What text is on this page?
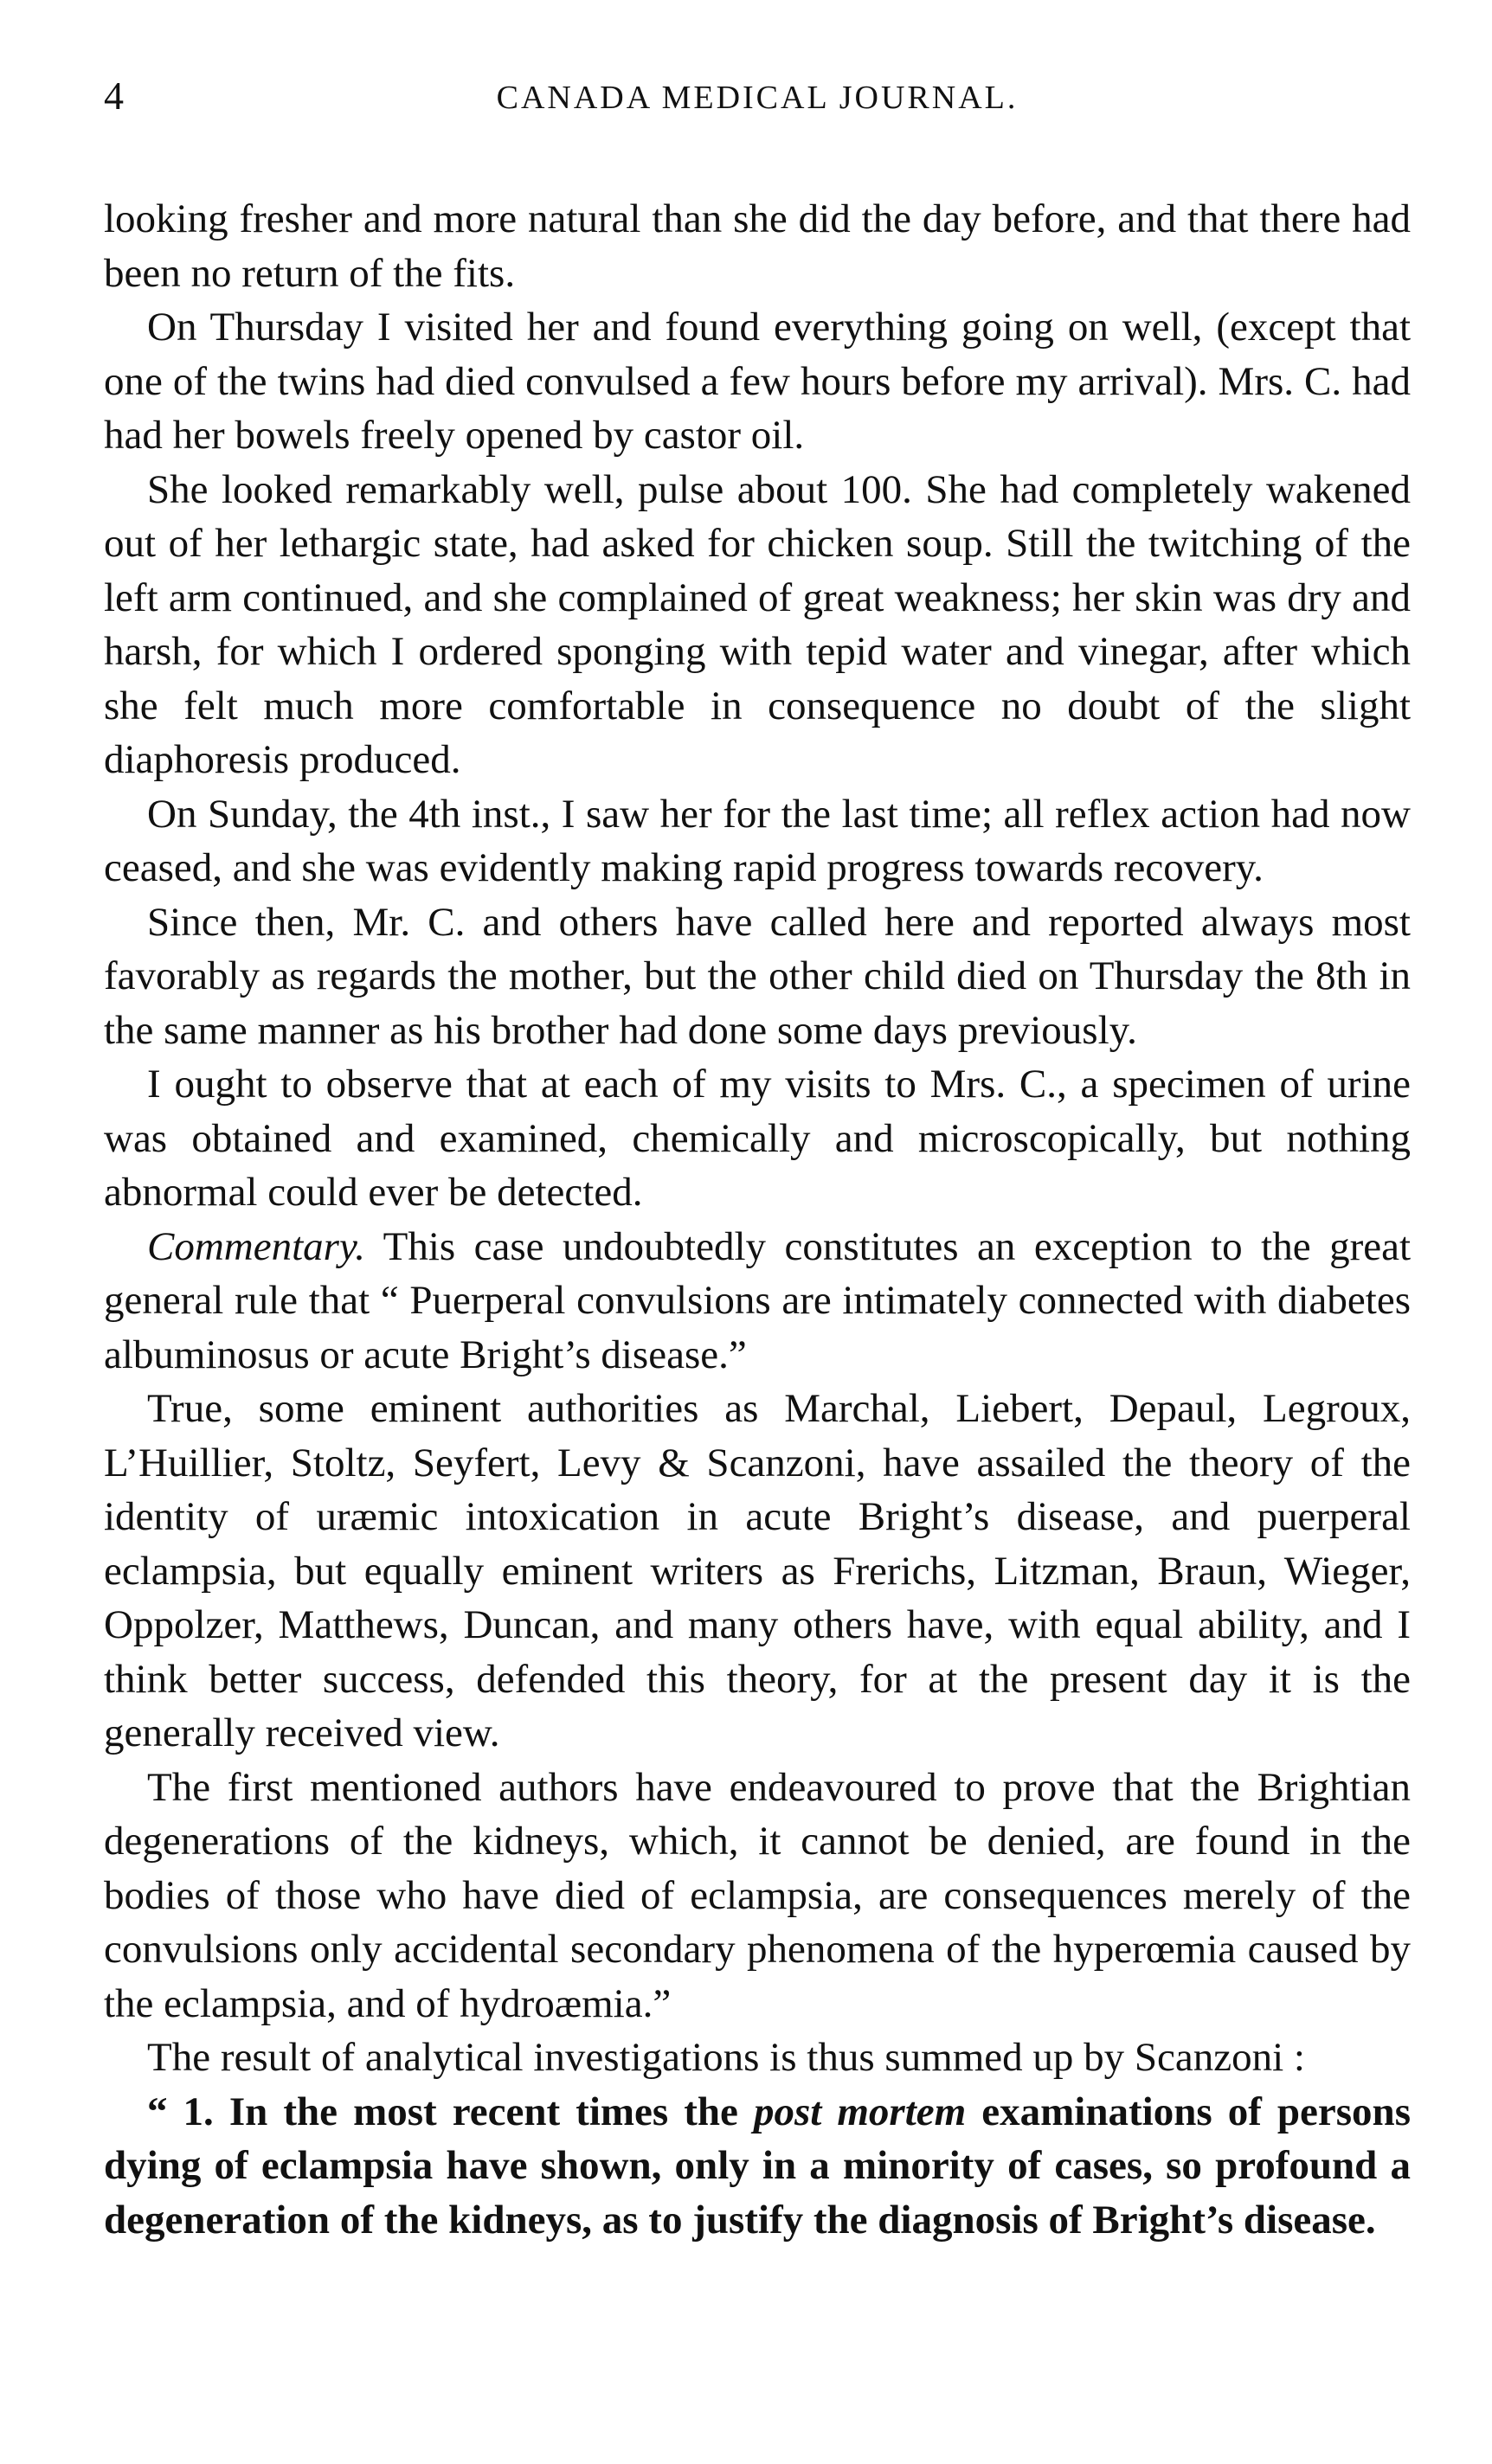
4	CANADA MEDICAL JOURNAL.

looking fresher and more natural than she did the day before, and that there had been no return of the fits.

On Thursday I visited her and found everything going on well, (except that one of the twins had died convulsed a few hours before my arrival). Mrs. C. had had her bowels freely opened by castor oil.

She looked remarkably well, pulse about 100. She had completely wakened out of her lethargic state, had asked for chicken soup. Still the twitching of the left arm continued, and she complained of great weakness; her skin was dry and harsh, for which I ordered sponging with tepid water and vinegar, after which she felt much more comfortable in consequence no doubt of the slight diaphoresis produced.

On Sunday, the 4th inst., I saw her for the last time; all reflex action had now ceased, and she was evidently making rapid progress towards recovery.

Since then, Mr. C. and others have called here and reported always most favorably as regards the mother, but the other child died on Thursday the 8th in the same manner as his brother had done some days previously.

I ought to observe that at each of my visits to Mrs. C., a specimen of urine was obtained and examined, chemically and microscopically, but nothing abnormal could ever be detected.

Commentary. This case undoubtedly constitutes an exception to the great general rule that “ Puerperal convulsions are intimately connected with diabetes albuminosus or acute Bright’s disease.”

True, some eminent authorities as Marchal, Liebert, Depaul, Legroux, L’Huillier, Stoltz, Seyfert, Levy & Scanzoni, have assailed the theory of the identity of uræmic intoxication in acute Bright’s disease, and puerperal eclampsia, but equally eminent writers as Frerichs, Litzman, Braun, Wieger, Oppolzer, Matthews, Duncan, and many others have, with equal ability, and I think better success, defended this theory, for at the present day it is the generally received view.

The first mentioned authors have endeavoured to prove that the Brightian degenerations of the kidneys, which, it cannot be denied, are found in the bodies of those who have died of eclampsia, are consequences merely of the convulsions only accidental secondary phenomena of the hyperœmia caused by the eclampsia, and of hydroæmia.”

The result of analytical investigations is thus summed up by Scanzoni :

“ 1. In the most recent times the post mortem examinations of persons dying of eclampsia have shown, only in a minority of cases, so profound a degeneration of the kidneys, as to justify the diagnosis of Bright’s disease.
